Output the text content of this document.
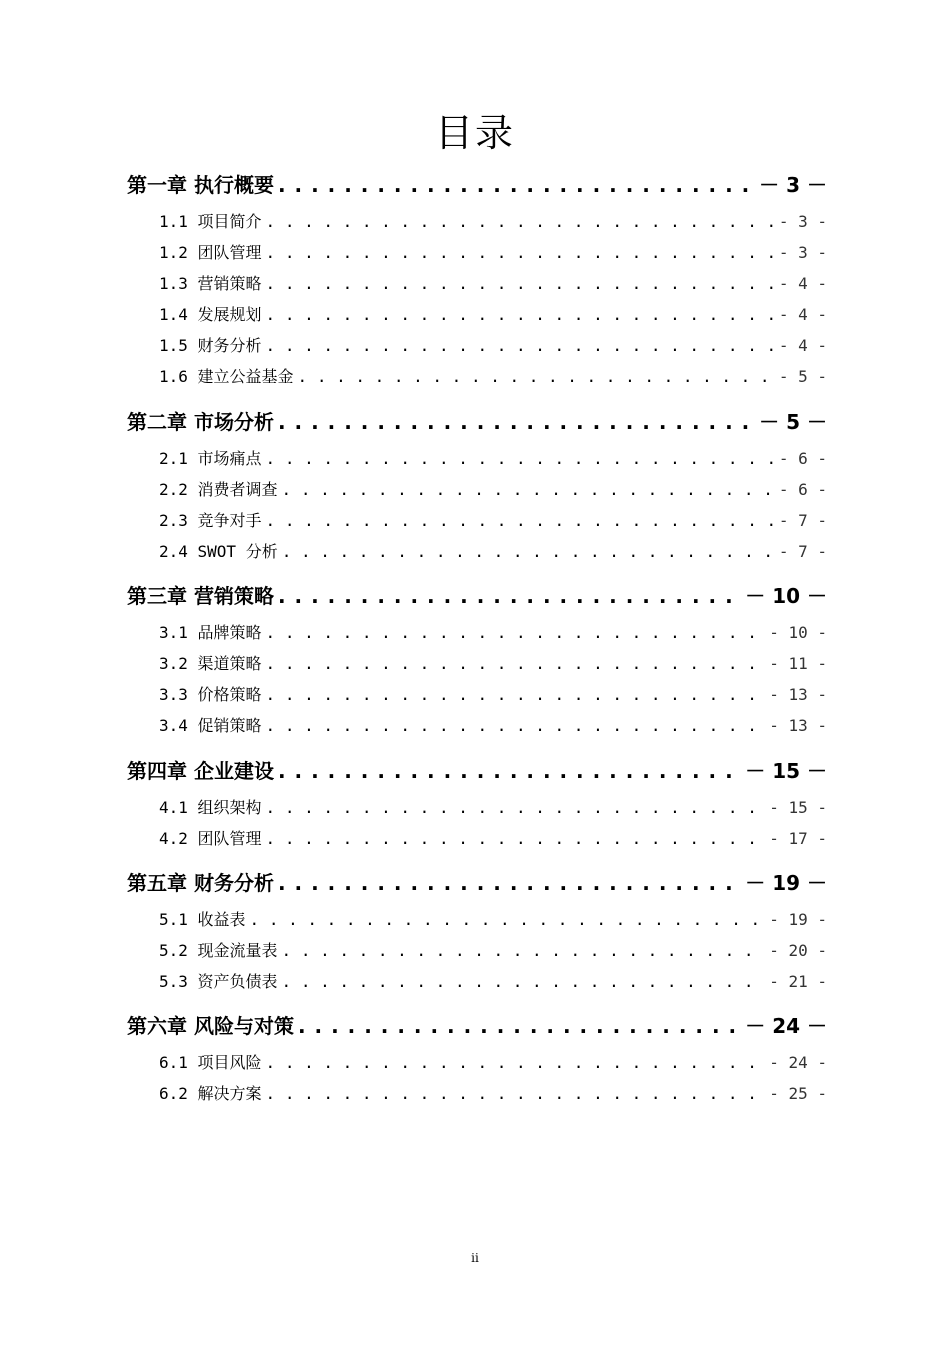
目录
第一章 执行概要 . . .	－ 3 －
1.1 项目简介 . . .	- 3 -
1.2 团队管理 . . .	- 3 -
1.3 营销策略 . . .	- 4 -
1.4 发展规划 . . .	- 4 -
1.5 财务分析 . . .	- 4 -
1.6 建立公益基金 . . .	- 5 -
第二章 市场分析 . . .	－ 5 －
2.1 市场痛点 . . .	- 6 -
2.2 消费者调查 . . .	- 6 -
2.3 竞争对手 . . .	- 7 -
2.4 SWOT 分析 . . .	- 7 -
第三章 营销策略 . . .	－ 10 －
3.1 品牌策略 . . .	- 10 -
3.2 渠道策略 . . .	- 11 -
3.3 价格策略 . . .	- 13 -
3.4 促销策略 . . .	- 13 -
第四章 企业建设 . . .	－ 15 －
4.1 组织架构 . . .	- 15 -
4.2 团队管理 . . .	- 17 -
第五章 财务分析 . . .	－ 19 －
5.1 收益表 . . .	- 19 -
5.2 现金流量表 . . .	- 20 -
5.3 资产负债表 . . .	- 21 -
第六章 风险与对策 . . .	－ 24 －
6.1 项目风险 . . .	- 24 -
6.2 解决方案 . . .	- 25 -
ii
